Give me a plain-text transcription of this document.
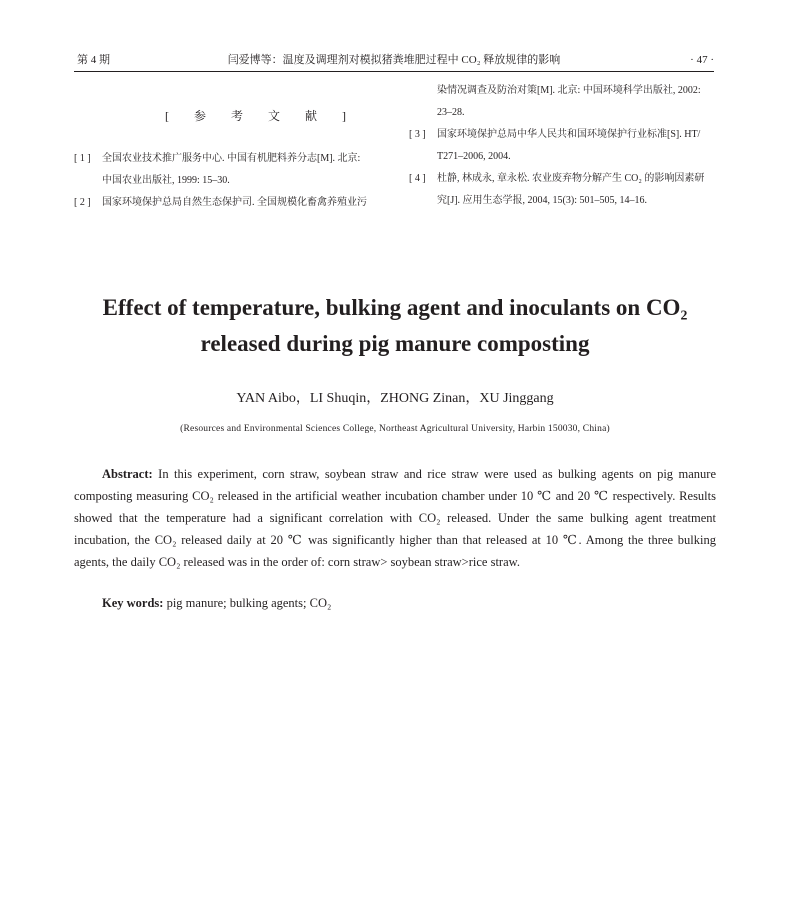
第 4 期	闫爱博等：温度及调理剂对模拟猪粪堆肥过程中 CO₂ 释放规律的影响	· 47 ·
[ 参 考 文 献 ]
[ 1 ] 全国农业技术推广服务中心. 中国有机肥料养分志[M]. 北京:
中国农业出版社, 1999: 15–30.
[ 2 ] 国家环境保护总局自然生态保护司. 全国规模化畜禽养殖业污
染情况调查及防治对策[M]. 北京: 中国环境科学出版社, 2002:
23–28.
[ 3 ] 国家环境保护总局中华人民共和国环境保护行业标准[S]. HT/
T271–2006, 2004.
[ 4 ] 杜静, 林成永, 章永松. 农业废弃物分解产生 CO₂ 的影响因素研
究[J]. 应用生态学报, 2004, 15(3): 501–505, 14–16.
Effect of temperature, bulking agent and inoculants on CO₂
released during pig manure composting
YAN Aibo，LI Shuqin，ZHONG Zinan，XU Jinggang
(Resources and Environmental Sciences College, Northeast Agricultural University, Harbin 150030, China)

Abstract: In this experiment, corn straw, soybean straw and rice straw were used as bulking agents on pig manure composting measuring CO₂ released in the artificial weather incubation chamber under 10 ℃ and 20 ℃ respectively. Results showed that the temperature had a significant correlation with CO₂ released. Under the same bulking agent treatment incubation, the CO₂ released daily at 20 ℃ was significantly higher than that released at 10 ℃. Among the three bulking agents, the daily CO₂ released was in the order of: corn straw> soybean straw>rice straw.

Key words: pig manure; bulking agents; CO₂
